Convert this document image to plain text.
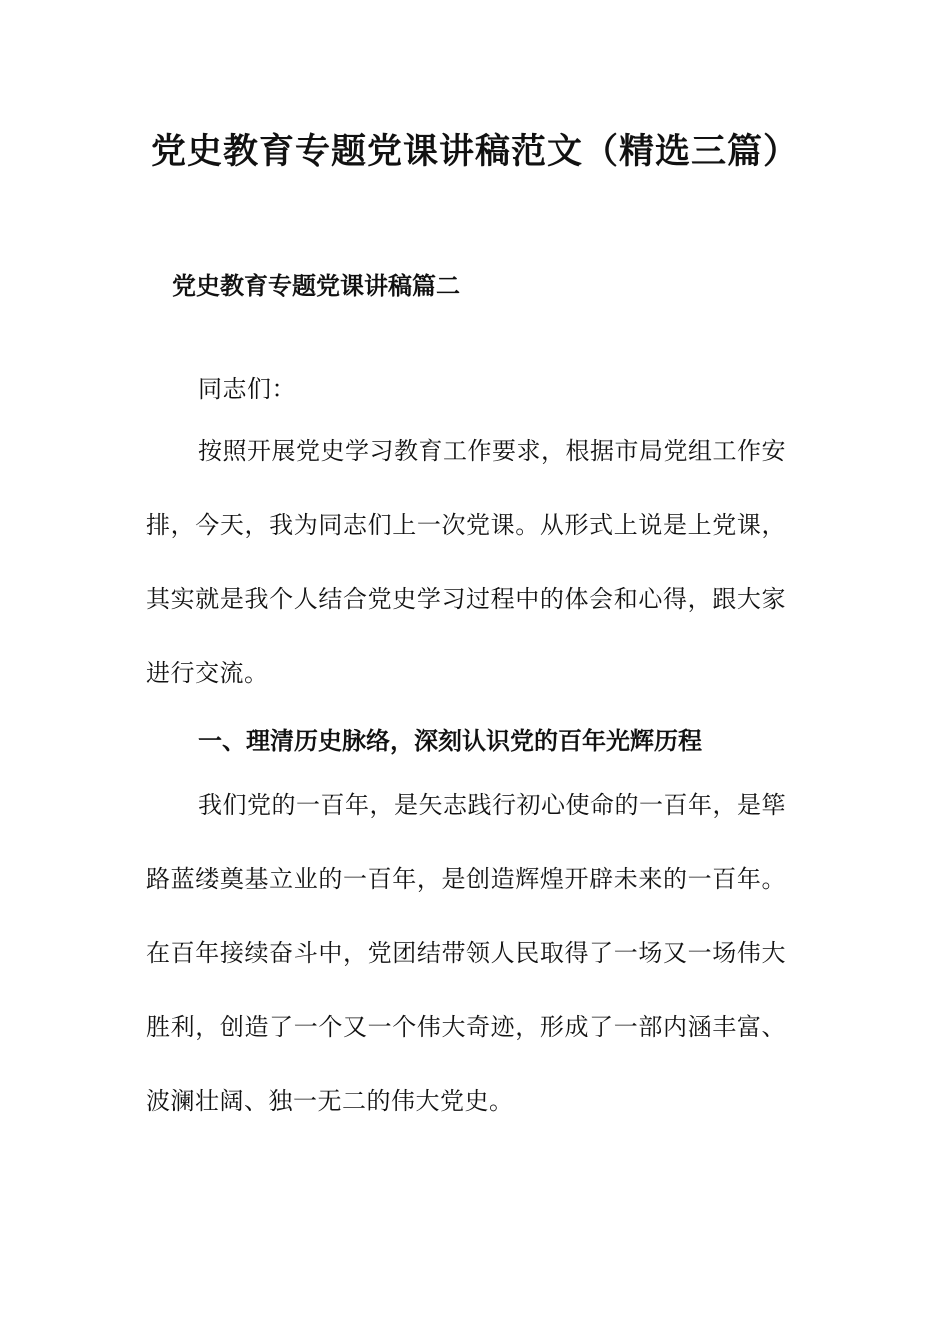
党史教育专题党课讲稿范文（精选三篇）
党史教育专题党课讲稿篇二

同志们：

按照开展党史学习教育工作要求，根据市局党组工作安排，今天，我为同志们上一次党课。从形式上说是上党课，其实就是我个人结合党史学习过程中的体会和心得，跟大家进行交流。

一、理清历史脉络，深刻认识党的百年光辉历程

我们党的一百年，是矢志践行初心使命的一百年，是筚路蓝缕奠基立业的一百年，是创造辉煌开辟未来的一百年。在百年接续奋斗中，党团结带领人民取得了一场又一场伟大胜利，创造了一个又一个伟大奇迹，形成了一部内涵丰富、波澜壮阔、独一无二的伟大党史。
